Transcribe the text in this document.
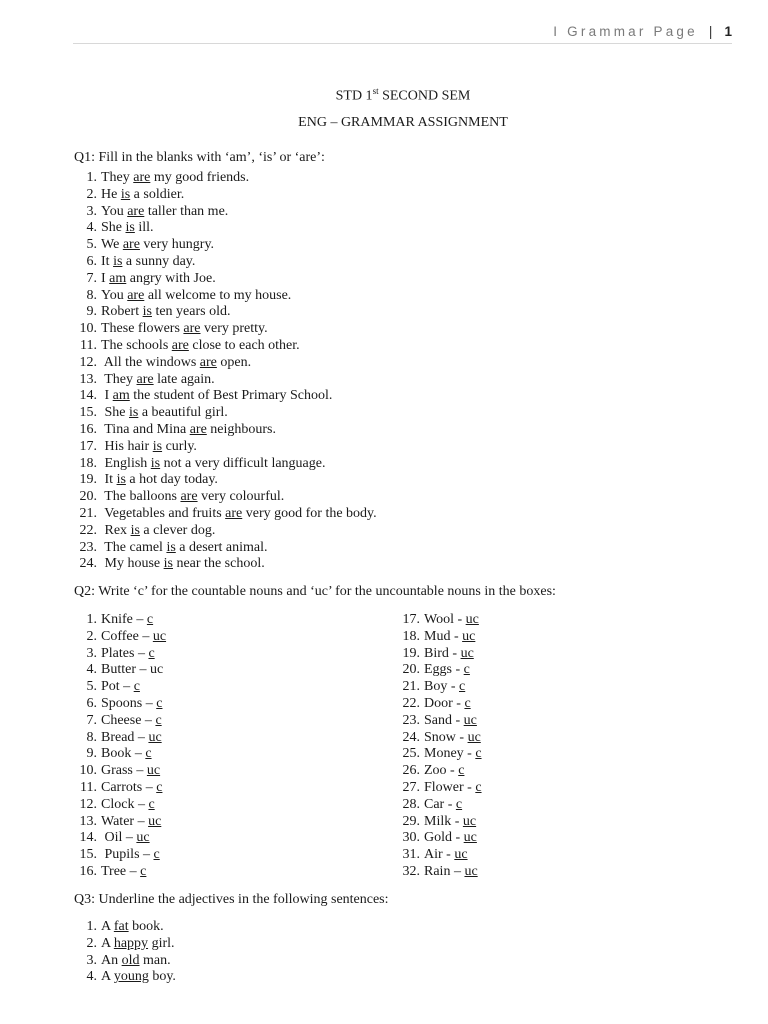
I Grammar Page | 1
STD 1st SECOND SEM
ENG – GRAMMAR ASSIGNMENT
Q1: Fill in the blanks with ‘am’, ‘is’ or ‘are’:
1. They are my good friends.
2. He is a soldier.
3. You are taller than me.
4. She is ill.
5. We are very hungry.
6. It is a sunny day.
7. I am angry with Joe.
8. You are all welcome to my house.
9. Robert is ten years old.
10. These flowers are very pretty.
11. The schools are close to each other.
12. All the windows are open.
13. They are late again.
14. I am the student of Best Primary School.
15. She is a beautiful girl.
16. Tina and Mina are neighbours.
17. His hair is curly.
18. English is not a very difficult language.
19. It is a hot day today.
20. The balloons are very colourful.
21. Vegetables and fruits are very good for the body.
22. Rex is a clever dog.
23. The camel is a desert animal.
24. My house is near the school.
Q2: Write ‘c’ for the countable nouns and ‘uc’ for the uncountable nouns in the boxes:
1. Knife – c
2. Coffee – uc
3. Plates – c
4. Butter – uc
5. Pot – c
6. Spoons – c
7. Cheese – c
8. Bread – uc
9. Book – c
10. Grass – uc
11. Carrots – c
12. Clock – c
13. Water – uc
14. Oil – uc
15. Pupils – c
16. Tree – c
17. Wool - uc
18. Mud - uc
19. Bird - uc
20. Eggs - c
21. Boy - c
22. Door - c
23. Sand - uc
24. Snow - uc
25. Money - c
26. Zoo - c
27. Flower - c
28. Car - c
29. Milk - uc
30. Gold - uc
31. Air - uc
32. Rain – uc
Q3: Underline the adjectives in the following sentences:
1. A fat book.
2. A happy girl.
3. An old man.
4. A young boy.
